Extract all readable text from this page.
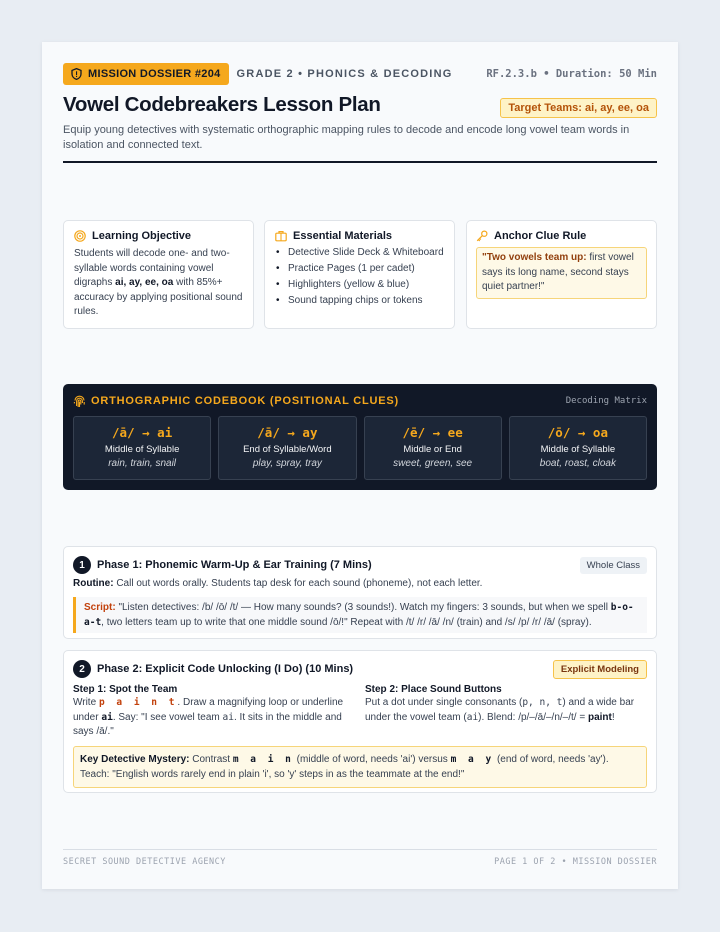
MISSION DOSSIER #204 GRADE 2 • PHONICS & DECODING	RF.2.3.b • Duration: 50 Min
Vowel Codebreakers Lesson Plan	Target Teams: ai, ay, ee, oa
Equip young detectives with systematic orthographic mapping rules to decode and encode long vowel team words in isolation and connected text.
Learning Objective
Students will decode one- and two-syllable words containing vowel digraphs ai, ay, ee, oa with 85%+ accuracy by applying positional sound rules.
Essential Materials
• Detective Slide Deck & Whiteboard
• Practice Pages (1 per cadet)
• Highlighters (yellow & blue)
• Sound tapping chips or tokens
Anchor Clue Rule
"Two vowels team up: first vowel says its long name, second stays quiet partner!"
ORTHOGRAPHIC CODEBOOK (POSITIONAL CLUES)	Decoding Matrix
/ā/ → ai
Middle of Syllable
rain, train, snail
/ā/ → ay
End of Syllable/Word
play, spray, tray
/ē/ → ee
Middle or End
sweet, green, see
/ō/ → oa
Middle of Syllable
boat, roast, cloak
1	Phase 1: Phonemic Warm-Up & Ear Training (7 Mins)	Whole Class
Routine: Call out words orally. Students tap desk for each sound (phoneme), not each letter.
Script: "Listen detectives: /b/ /ō/ /t/ — How many sounds? (3 sounds!). Watch my fingers: 3 sounds, but when we spell b-o-a-t, two letters team up to write that one middle sound /ō/!" Repeat with /t/ /r/ /ā/ /n/ (train) and /s/ /p/ /r/ /ā/ (spray).
2	Phase 2: Explicit Code Unlocking (I Do) (10 Mins)	Explicit Modeling
Step 1: Spot the Team
Write p a i n t. Draw a magnifying loop or underline under ai. Say: "I see vowel team ai. It sits in the middle and says /ā/."
Step 2: Place Sound Buttons
Put a dot under single consonants (p, n, t) and a wide bar under the vowel team (ai). Blend: /p/–/ā/–/n/–/t/ = paint!
Key Detective Mystery: Contrast m a i n (middle of word, needs 'ai') versus m a y (end of word, needs 'ay'). Teach: "English words rarely end in plain 'i', so 'y' steps in as the teammate at the end!"
SECRET SOUND DETECTIVE AGENCY	PAGE 1 OF 2 • MISSION DOSSIER
